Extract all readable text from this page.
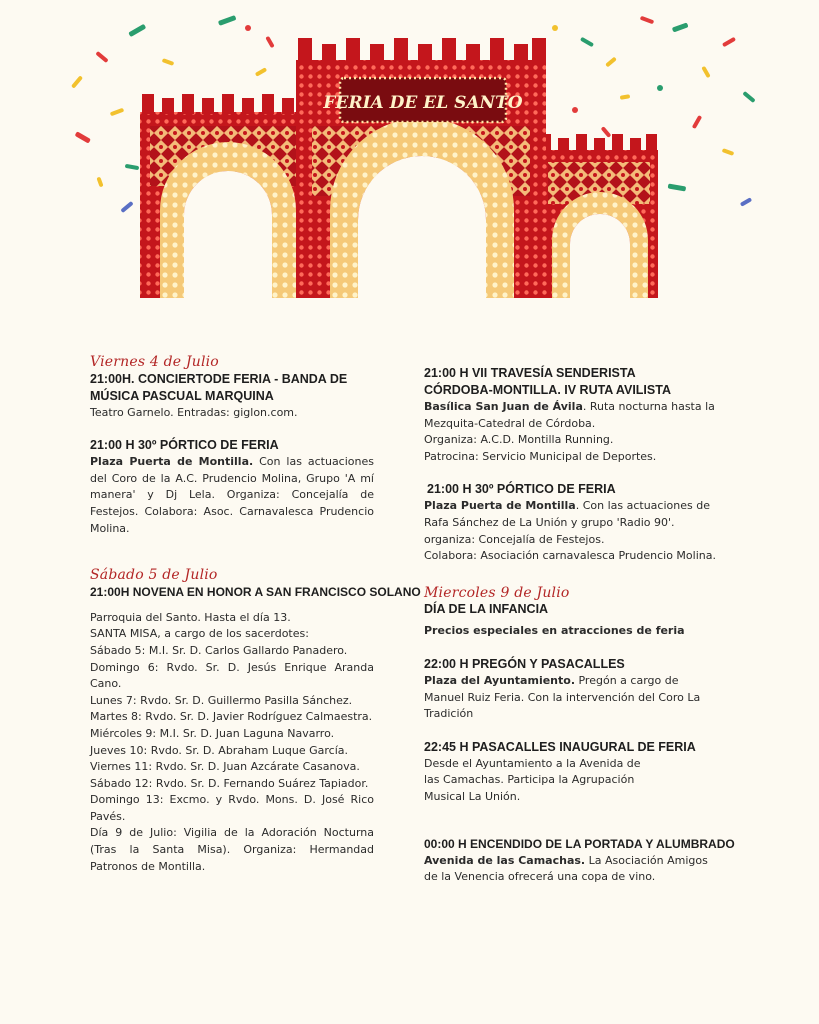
FERIA DE EL SANTO

Viernes 4 de Julio

21:00H. CONCIERTODE FERIA - BANDA DE

MÚSICA PASCUAL MARQUINA

Teatro Garnelo. Entradas: giglon.com.

21:00 H 30º PÓRTICO DE FERIA

Plaza Puerta de Montilla. Con las actuaciones del Coro de la A.C. Prudencio Molina, Grupo 'A mí manera' y Dj Lela. Organiza: Concejalía de Festejos. Colabora: Asoc. Carnavalesca Prudencio Molina.

Sábado 5 de Julio

21:00H NOVENA EN HONOR A SAN FRANCISCO SOLANO

Parroquia del Santo. Hasta el día 13.

SANTA MISA, a cargo de los sacerdotes:

Sábado 5: M.I. Sr. D. Carlos Gallardo Panadero.

Domingo 6: Rvdo. Sr. D. Jesús Enrique Aranda Cano.

Lunes 7: Rvdo. Sr. D. Guillermo Pasilla Sánchez.

Martes 8: Rvdo. Sr. D. Javier Rodríguez Calmaestra.

Miércoles 9: M.I. Sr. D. Juan Laguna Navarro.

Jueves 10: Rvdo. Sr. D. Abraham Luque García.

Viernes 11: Rvdo. Sr. D. Juan Azcárate Casanova.

Sábado 12: Rvdo. Sr. D. Fernando Suárez Tapiador.

Domingo 13: Excmo. y Rvdo. Mons. D. José Rico Pavés.

Día 9 de Julio: Vigilia de la Adoración Nocturna (Tras la Santa Misa). Organiza: Hermandad Patronos de Montilla.

21:00 H VII TRAVESÍA SENDERISTA

CÓRDOBA-MONTILLA. IV RUTA AVILISTA

Basílica San Juan de Ávila. Ruta nocturna hasta la Mezquita-Catedral de Córdoba.

Organiza: A.C.D. Montilla Running.

Patrocina: Servicio Municipal de Deportes.

21:00 H 30º PÓRTICO DE FERIA

Plaza Puerta de Montilla. Con las actuaciones de Rafa Sánchez de La Unión y grupo 'Radio 90'.

organiza: Concejalía de Festejos.

Colabora: Asociación carnavalesca Prudencio Molina.

Miercoles 9 de Julio

DÍA DE LA INFANCIA

Precios especiales en atracciones de feria

22:00 H PREGÓN Y PASACALLES

Plaza del Ayuntamiento. Pregón a cargo de Manuel Ruiz Feria. Con la intervención del Coro La Tradición

22:45 H PASACALLES INAUGURAL DE FERIA

Desde el Ayuntamiento a la Avenida de

las Camachas. Participa la Agrupación

Musical La Unión.

00:00 H ENCENDIDO DE LA PORTADA Y ALUMBRADO

Avenida de las Camachas. La Asociación Amigos de la Venencia ofrecerá una copa de vino.
